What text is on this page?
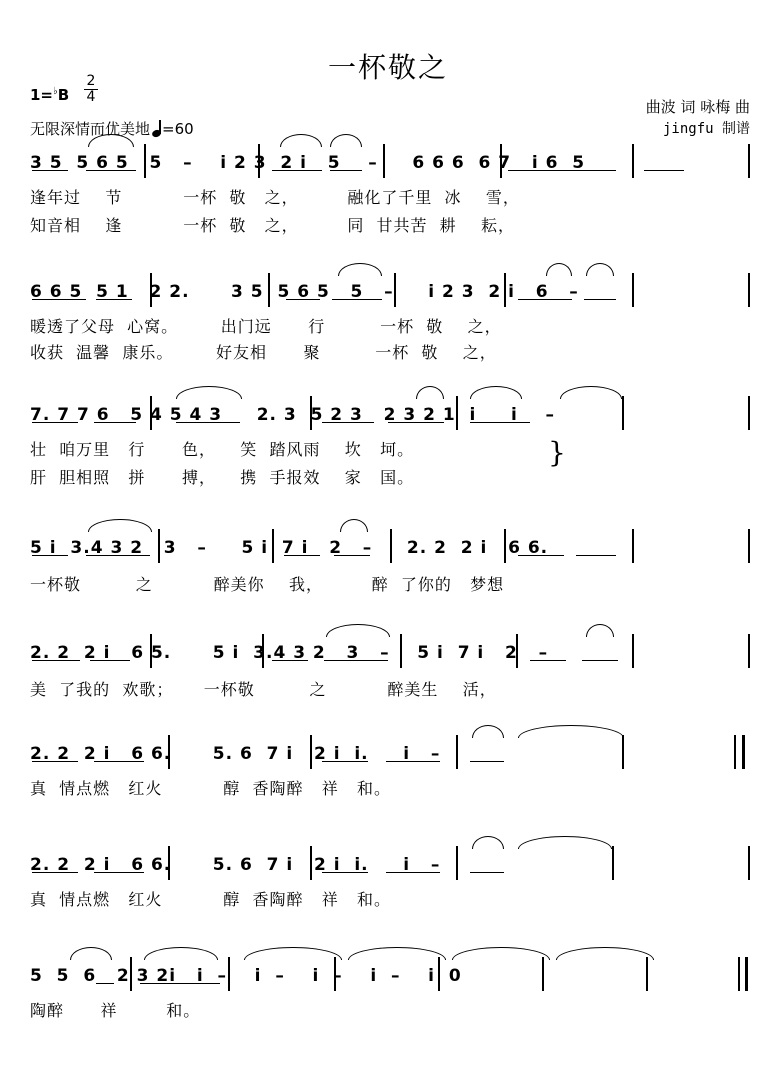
一杯敬之
1=♭B
2
4
无限深情而优美地 =60
曲波 词 咏梅 曲
jingfu 制谱
3 5  5 6 5   5   –    i 2 3  2 i   5    –     6 6 6  6 7   i 6  5
逢年过    节          一杯  敬   之，        融化了千里  冰    雪，
知音相    逢          一杯  敬   之，        同  甘共苦  耕    耘，
6 6 5  5 1   2 2.      3 5  5 6 5   5   –     i 2 3  2 i   6   –
暖透了父母  心窝。       出门远      行         一杯  敬    之，
收获  温馨  康乐。       好友相      聚         一杯  敬    之，
7. 7 7 6   5 4 5 4 3     2. 3  5 2 3   2 3 2 1  i     i    –
壮  咱万里   行      色，    笑  踏风雨    坎   坷。
肝  胆相照   拼      搏，    携  手报效    家   国。
}
5 i  3.4 3 2   3   –     5 i  7 i   2   –     2. 2  2 i   6 6.
一杯敬         之          醉美你    我，        醉  了你的   梦想
2. 2  2 i   6 5.      5 i  3.4 3 2   3   –    5 i  7 i   2   –
美  了我的  欢歌；     一杯敬         之          醉美生    活，
2. 2  2 i   6 6.      5. 6  7 i   2 i  i.     i   –
真  情点燃   红火          醇  香陶醉   祥   和。
2. 2  2 i   6 6.      5. 6  7 i   2 i  i.     i   –
真  情点燃   红火          醇  香陶醉   祥   和。
5  5  6   2 3 2i   i  –    i  –    i  –    i  –    i  0
陶醉      祥        和。
